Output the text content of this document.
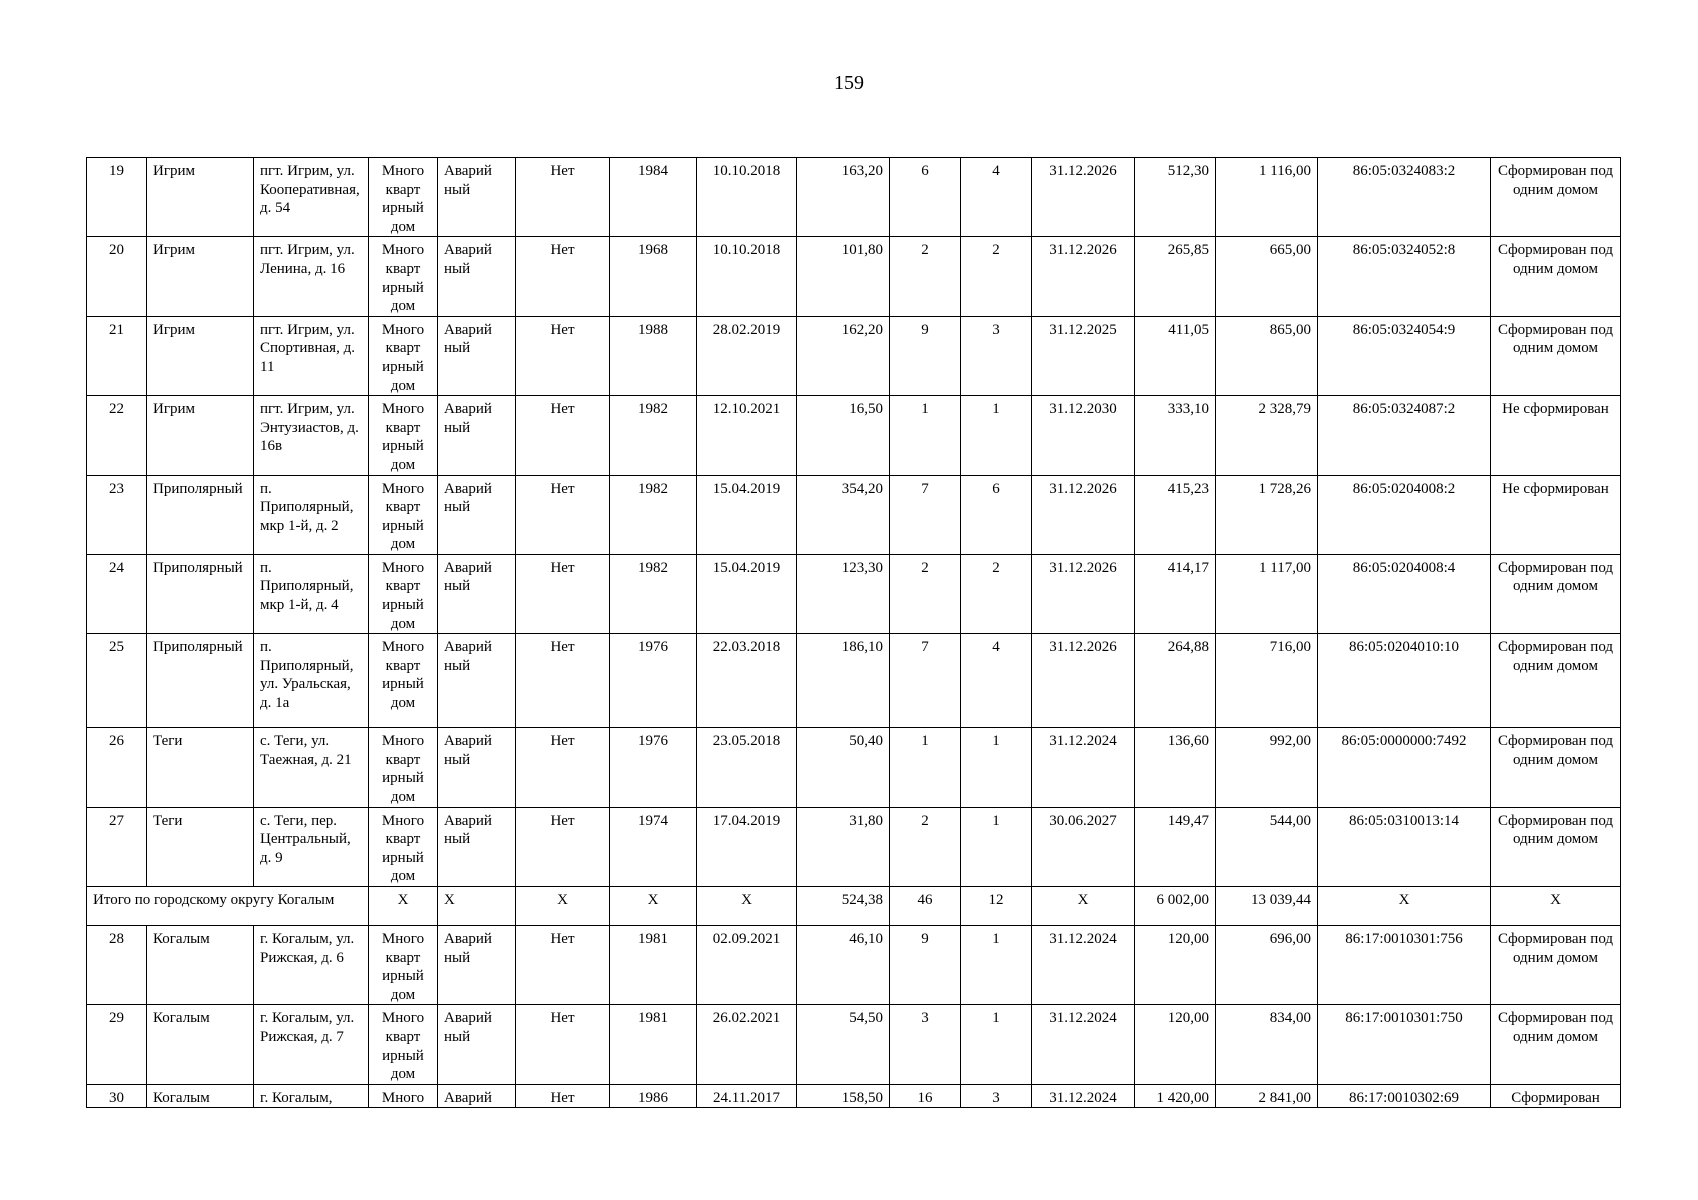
159
19	Игрим	пгт. Игрим, ул. Кооперативная, д. 54	Много кварт ирный дом	Аварий ный	Нет	1984	10.10.2018	163,20	6	4	31.12.2026	512,30	1 116,00	86:05:0324083:2	Сформирован под одним домом
20	Игрим	пгт. Игрим, ул. Ленина, д. 16	Много кварт ирный дом	Аварий ный	Нет	1968	10.10.2018	101,80	2	2	31.12.2026	265,85	665,00	86:05:0324052:8	Сформирован под одним домом
21	Игрим	пгт. Игрим, ул. Спортивная, д. 11	Много кварт ирный дом	Аварий ный	Нет	1988	28.02.2019	162,20	9	3	31.12.2025	411,05	865,00	86:05:0324054:9	Сформирован под одним домом
22	Игрим	пгт. Игрим, ул. Энтузиастов, д. 16в	Много кварт ирный дом	Аварий ный	Нет	1982	12.10.2021	16,50	1	1	31.12.2030	333,10	2 328,79	86:05:0324087:2	Не сформирован
23	Приполярный	п. Приполярный, мкр 1-й, д. 2	Много кварт ирный дом	Аварий ный	Нет	1982	15.04.2019	354,20	7	6	31.12.2026	415,23	1 728,26	86:05:0204008:2	Не сформирован
24	Приполярный	п. Приполярный, мкр 1-й, д. 4	Много кварт ирный дом	Аварий ный	Нет	1982	15.04.2019	123,30	2	2	31.12.2026	414,17	1 117,00	86:05:0204008:4	Сформирован под одним домом
25	Приполярный	п. Приполярный, ул. Уральская, д. 1а	Много кварт ирный дом	Аварий ный	Нет	1976	22.03.2018	186,10	7	4	31.12.2026	264,88	716,00	86:05:0204010:10	Сформирован под одним домом
26	Теги	с. Теги, ул. Таежная, д. 21	Много кварт ирный дом	Аварий ный	Нет	1976	23.05.2018	50,40	1	1	31.12.2024	136,60	992,00	86:05:0000000:7492	Сформирован под одним домом
27	Теги	с. Теги, пер. Центральный, д. 9	Много кварт ирный дом	Аварий ный	Нет	1974	17.04.2019	31,80	2	1	30.06.2027	149,47	544,00	86:05:0310013:14	Сформирован под одним домом
Итого по городскому округу Когалым			X	X	X	X	X	524,38	46	12	X	6 002,00	13 039,44	X	X
28	Когалым	г. Когалым, ул. Рижская, д. 6	Много кварт ирный дом	Аварий ный	Нет	1981	02.09.2021	46,10	9	1	31.12.2024	120,00	696,00	86:17:0010301:756	Сформирован под одним домом
29	Когалым	г. Когалым, ул. Рижская, д. 7	Много кварт ирный дом	Аварий ный	Нет	1981	26.02.2021	54,50	3	1	31.12.2024	120,00	834,00	86:17:0010301:750	Сформирован под одним домом
30	Когалым	г. Когалым,	Много	Аварий	Нет	1986	24.11.2017	158,50	16	3	31.12.2024	1 420,00	2 841,00	86:17:0010302:69	Сформирован
